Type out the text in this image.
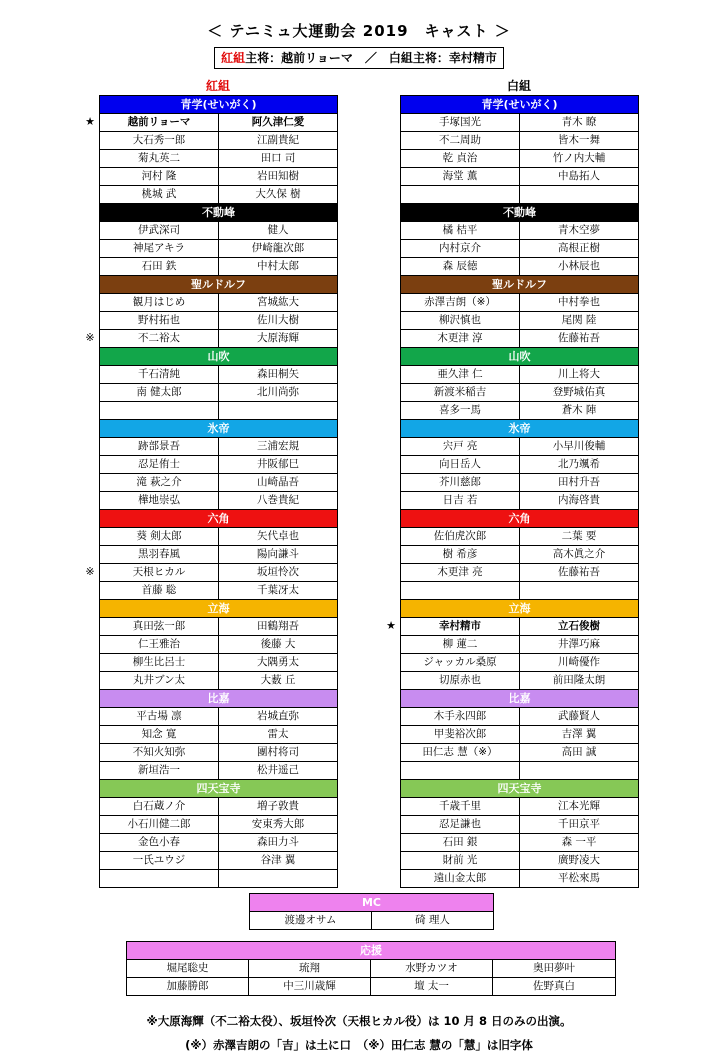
＜ テニミュ大運動会 2019　キャスト ＞
紅組主将：越前リョーマ　／　白組主将：幸村精市
紅組	白組
青学(せいがく)	
越前リョーマ	阿久津仁愛
大石秀一郎	江副貴紀
菊丸英二	田口 司
河村 隆	岩田知樹
桃城 武	大久保 樹
不動峰	
伊武深司	健人
神尾アキラ	伊崎龍次郎
石田 鉄	中村太郎
聖ルドルフ	
観月はじめ	宮城紘大
野村拓也	佐川大樹
不二裕太	大原海輝
山吹	
千石清純	森田桐矢
南 健太郎	北川尚弥

氷帝	
跡部景吾	三浦宏規
忍足侑士	井阪郁巳
滝 萩之介	山崎晶吾
樺地崇弘	八巻貴紀
六角	
葵 剣太郎	矢代卓也
黒羽春風	陽向謙斗
天根ヒカル	坂垣怜次
首藤 聡	千葉冴太
立海	
真田弦一郎	田鶴翔吾
仁王雅治	後藤 大
柳生比呂士	大隅勇太
丸井ブン太	大薮 丘
比嘉	
平古場 凛	岩城直弥
知念 寛	雷太
不知火知弥	團村将司
新垣浩一	松井遥己
四天宝寺	
白石蔵ノ介	増子敦貴
小石川健二郎	安東秀大郎
金色小春	森田力斗
一氏ユウジ	谷津 翼

青学(せいがく)	
手塚国光	青木 瞭
不二周助	皆木一舞
乾 貞治	竹ノ内大輔
海堂 薫	中島拓人

不動峰	
橘 桔平	青木空夢
内村京介	高根正樹
森 辰徳	小林辰也
聖ルドルフ	
赤澤吉朗（※）	中村拳也
柳沢慎也	尾関 陸
木更津 淳	佐藤祐吾
山吹	
亜久津 仁	川上将大
新渡米稲吉	登野城佑真
喜多一馬	蒼木 陣
氷帝	
宍戸 亮	小早川俊輔
向日岳人	北乃颯希
芥川慈郎	田村升吾
日吉 若	内海啓貴
六角	
佐伯虎次郎	二葉 要
樹 希彦	高木眞之介
木更津 亮	佐藤祐吾

立海	
幸村精市	立石俊樹
柳 蓮二	井澤巧麻
ジャッカル桑原	川崎優作
切原赤也	前田隆太朗
比嘉	
木手永四郎	武藤賢人
甲斐裕次郎	吉澤 翼
田仁志 慧（※）	高田 誠

四天宝寺	
千歳千里	江本光輝
忍足謙也	千田京平
石田 銀	森 一平
財前 光	廣野凌大
遠山金太郎	平松來馬
MC
渡邊オサム	碕 理人
応援			
堀尾聡史	琉翔	水野カツオ	奥田夢叶
加藤勝郎	中三川歳輝	壇 太一	佐野真白
※大原海輝（不二裕太役）、坂垣怜次（天根ヒカル役）は 10 月 8 日のみの出演。
(※）赤澤吉朗の「吉」は土に口　（※）田仁志 慧の「慧」は旧字体
★
※
※
★
